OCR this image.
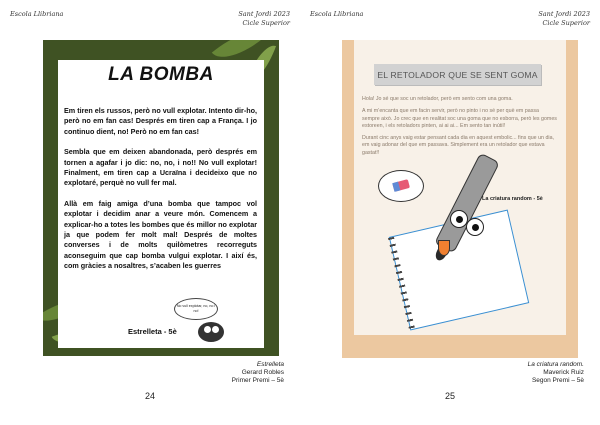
Escola Llibriana	Sant Jordi 2023
Cicle Superior
LA BOMBA

Em tiren els russos, però no vull explotar. Intento dir-ho, però no em fan cas! Després em tiren cap a França. I jo continuo dient, no! Però no em fan cas!

Sembla que em deixen abandonada, però després em tornen a agafar i jo dic: no, no, i no!! No vull explotar! Finalment, em tiren cap a Ucraïna i decideixo que no explotaré, perquè no vull fer mal.

Allà em faig amiga d’una bomba que tampoc vol explotar i decidim anar a veure món. Comencem a explicar-ho a totes les bombes que és millor no explotar ja que podem fer molt mal! Després de moltes converses i de molts quilòmetres recorreguts aconseguim que cap bomba vulgui explotar. I així és, com gràcies a nosaltres, s’acaben les guerres

No vull explotar, no, no i no!
Estrelleta - 5è
Estrelleta
Gerard Robles
Primer Premi – 5è
24
Escola Llibriana	Sant Jordi 2023
Cicle Superior
EL RETOLADOR QUE SE SENT GOMA

Hola! Jo sé que soc un retolador, però em sento com una goma.

A mi m’encanta que em facin servir, però no pinto i no sé per què em passa sempre això. Jo crec que en realitat soc una goma que no esborra, però les gomes estoreen, i els retoladors pinten, ai ai ai... Em sento tan inútil!

Durant cinc anys vaig estar pensant cada dia en aquest embolic... fins que un dia, em vaig adonar del que em passava. Simplement era un retolador que estava gastat!!

La criatura random - 5è
La criatura random.
Maverick Ruiz
Segon Premi – 5è
25
